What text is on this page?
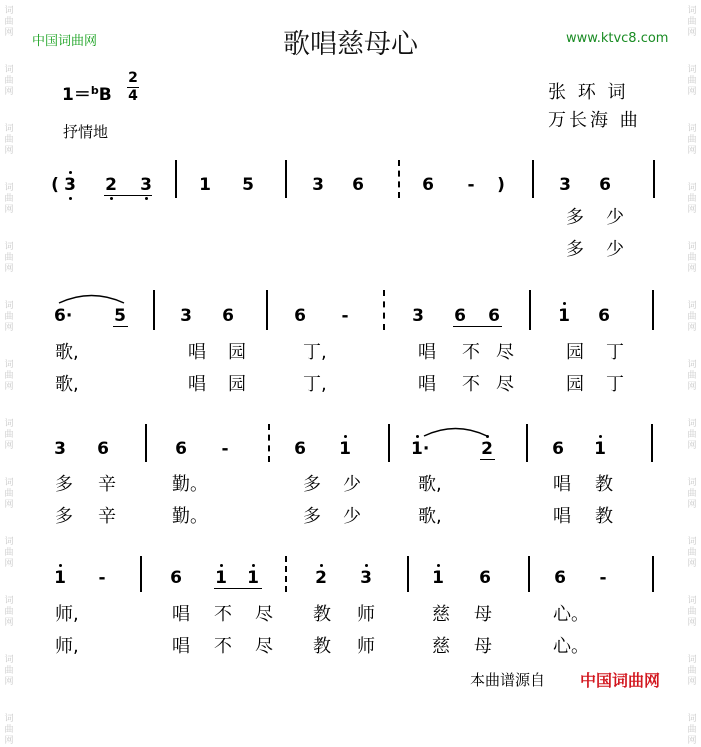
词
曲
网
词
曲
网
词
曲
网
词
曲
网
词
曲
网
词
曲
网
词
曲
网
词
曲
网
词
曲
网
词
曲
网
词
曲
网
词
曲
网
词
曲
网
词
曲
网
词
曲
网
词
曲
网
词
曲
网
词
曲
网
词
曲
网
词
曲
网
词
曲
网
词
曲
网
词
曲
网
词
曲
网
词
曲
网
词
曲
网
中国词曲网	歌唱慈母心	www.ktvc8.com
1＝$^b$B
2
4
抒情地
张 环 词
万长海 曲
( 3 2 3	1 5	3 6	6 - )	3 6
多 少
多 少
6· 5	3 6	6 -	3 6 6	1 6
歌,	唱 园	丁,	唱 不 尽	园 丁
歌,	唱 园	丁,	唱 不 尽	园 丁
3 6	6 -	6 1	1·	2	6 1
多 辛	勤。	多 少	歌,	唱 教
多 辛	勤。	多 少	歌,	唱 教
1 -	6 1 1	2 3	1 6	6 -
师,	唱 不 尽 教 师	慈 母	心。
师,	唱 不 尽 教 师	慈 母	心。
本曲谱源自 中国词曲网
